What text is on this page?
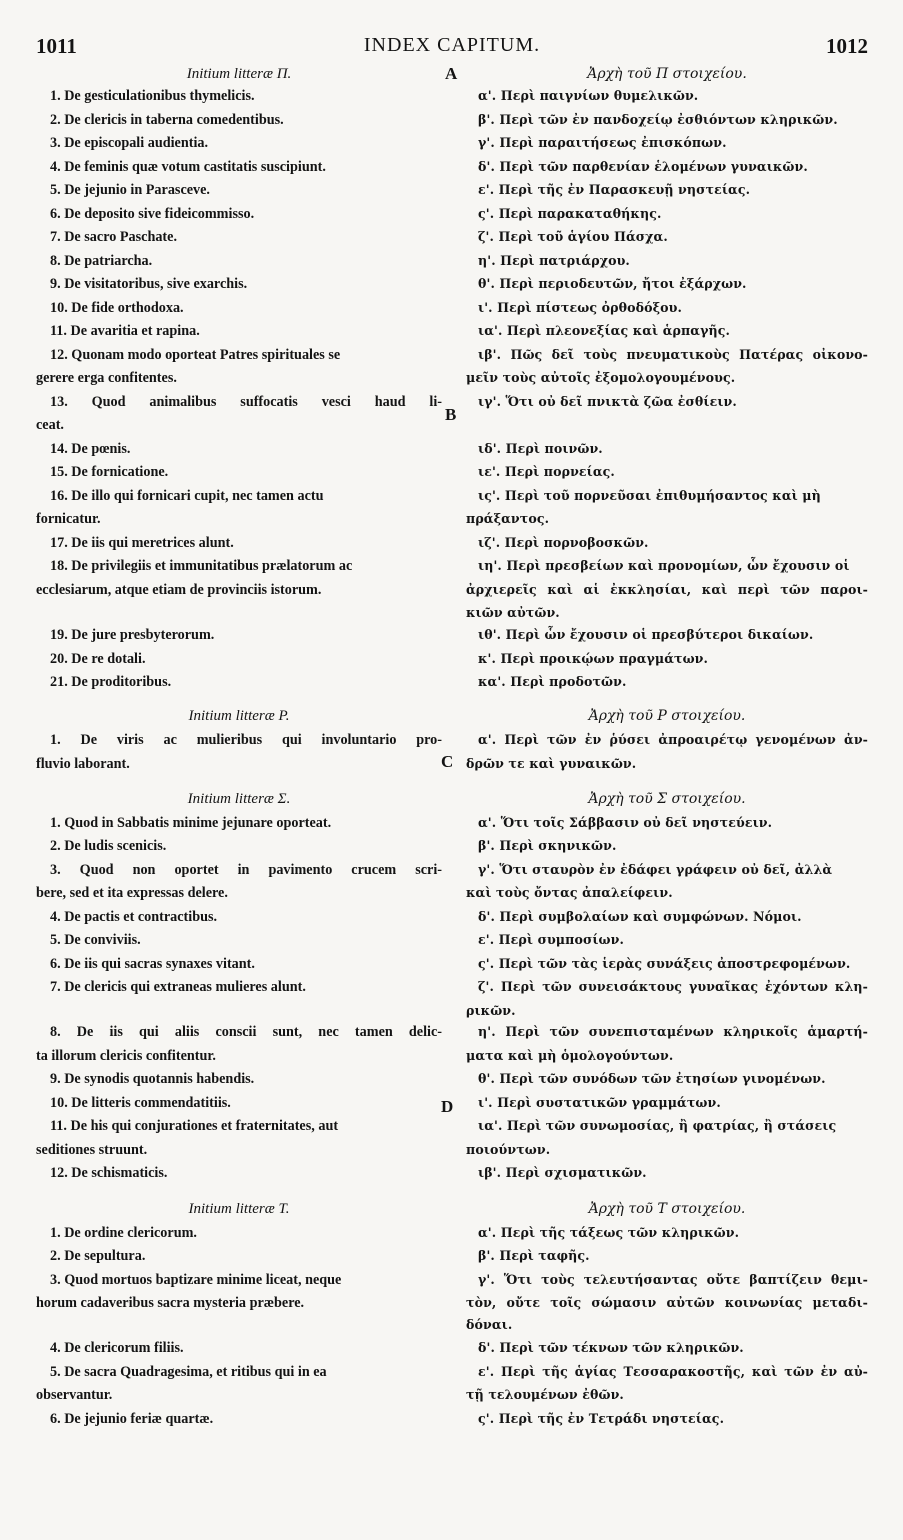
1011	INDEX CAPITUM.	1012
A
B
C
D
Initium litteræ Π.
1. De gesticulationibus thymelicis.
2. De clericis in taberna comedentibus.
3. De episcopali audientia.
4. De feminis quæ votum castitatis suscipiunt.
5. De jejunio in Parasceve.
6. De deposito sive fideicommisso.
7. De sacro Paschate.
8. De patriarcha.
9. De visitatoribus, sive exarchis.
10. De fide orthodoxa.
11. De avaritia et rapina.
12. Quonam modo oporteat Patres spirituales se
gerere erga confitentes.
13. Quod animalibus suffocatis vesci haud li-
ceat.
14. De pœnis.
15. De fornicatione.
16. De illo qui fornicari cupit, nec tamen actu
fornicatur.
17. De iis qui meretrices alunt.
18. De privilegiis et immunitatibus prælatorum ac
ecclesiarum, atque etiam de provinciis istorum.
19. De jure presbyterorum.
20. De re dotali.
21. De proditoribus.
Initium litteræ Ρ.
1. De viris ac mulieribus qui involuntario pro-
fluvio laborant.
Initium litteræ Σ.
1. Quod in Sabbatis minime jejunare oporteat.
2. De ludis scenicis.
3. Quod non oportet in pavimento crucem scri-
bere, sed et ita expressas delere.
4. De pactis et contractibus.
5. De conviviis.
6. De iis qui sacras synaxes vitant.
7. De clericis qui extraneas mulieres alunt.
8. De iis qui aliis conscii sunt, nec tamen delic-
ta illorum clericis confitentur.
9. De synodis quotannis habendis.
10. De litteris commendatitiis.
11. De his qui conjurationes et fraternitates, aut
seditiones struunt.
12. De schismaticis.
Initium litteræ Τ.
1. De ordine clericorum.
2. De sepultura.
3. Quod mortuos baptizare minime liceat, neque
horum cadaveribus sacra mysteria præbere.
4. De clericorum filiis.
5. De sacra Quadragesima, et ritibus qui in ea
observantur.
6. De jejunio feriæ quartæ.
Ἀρχὴ τοῦ Π στοιχείου.
α'. Περὶ παιγνίων θυμελικῶν.
β'. Περὶ τῶν ἐν πανδοχείῳ ἐσθιόντων κληρικῶν.
γ'. Περὶ παραιτήσεως ἐπισκόπων.
δ'. Περὶ τῶν παρθενίαν ἑλομένων γυναικῶν.
ε'. Περὶ τῆς ἐν Παρασκευῇ νηστείας.
ς'. Περὶ παρακαταθήκης.
ζ'. Περὶ τοῦ ἁγίου Πάσχα.
η'. Περὶ πατριάρχου.
θ'. Περὶ περιοδευτῶν, ἤτοι ἐξάρχων.
ι'. Περὶ πίστεως ὀρθοδόξου.
ια'. Περὶ πλεονεξίας καὶ ἁρπαγῆς.
ιβ'. Πῶς δεῖ τοὺς πνευματικοὺς Πατέρας οἰκονο-
μεῖν τοὺς αὐτοῖς ἐξομολογουμένους.
ιγ'. Ὅτι οὐ δεῖ πνικτὰ ζῶα ἐσθίειν.
ιδ'. Περὶ ποινῶν.
ιε'. Περὶ πορνείας.
ις'. Περὶ τοῦ πορνεῦσαι ἐπιθυμήσαντος καὶ μὴ
πράξαντος.
ιζ'. Περὶ πορνοβοσκῶν.
ιη'. Περὶ πρεσβείων καὶ προνομίων, ὧν ἔχουσιν οἱ
ἀρχιερεῖς καὶ αἱ ἐκκλησίαι, καὶ περὶ τῶν παροι-
κιῶν αὐτῶν.
ιθ'. Περὶ ὧν ἔχουσιν οἱ πρεσβύτεροι δικαίων.
κ'. Περὶ προικῴων πραγμάτων.
κα'. Περὶ προδοτῶν.
Ἀρχὴ τοῦ Ρ στοιχείου.
α'. Περὶ τῶν ἐν ῥύσει ἀπροαιρέτῳ γενομένων ἀν-
δρῶν τε καὶ γυναικῶν.
Ἀρχὴ τοῦ Σ στοιχείου.
α'. Ὅτι τοῖς Σάββασιν οὐ δεῖ νηστεύειν.
β'. Περὶ σκηνικῶν.
γ'. Ὅτι σταυρὸν ἐν ἐδάφει γράφειν οὐ δεῖ, ἀλλὰ
καὶ τοὺς ὄντας ἀπαλείφειν.
δ'. Περὶ συμβολαίων καὶ συμφώνων. Νόμοι.
ε'. Περὶ συμποσίων.
ς'. Περὶ τῶν τὰς ἱερὰς συνάξεις ἀποστρεφομένων.
ζ'. Περὶ τῶν συνεισάκτους γυναῖκας ἐχόντων κλη-
ρικῶν.
η'. Περὶ τῶν συνεπισταμένων κληρικοῖς ἁμαρτή-
ματα καὶ μὴ ὁμολογούντων.
θ'. Περὶ τῶν συνόδων τῶν ἐτησίων γινομένων.
ι'. Περὶ συστατικῶν γραμμάτων.
ια'. Περὶ τῶν συνωμοσίας, ἢ φατρίας, ἢ στάσεις
ποιούντων.
ιβ'. Περὶ σχισματικῶν.
Ἀρχὴ τοῦ Τ στοιχείου.
α'. Περὶ τῆς τάξεως τῶν κληρικῶν.
β'. Περὶ ταφῆς.
γ'. Ὅτι τοὺς τελευτήσαντας οὔτε βαπτίζειν θεμι-
τὸν, οὔτε τοῖς σώμασιν αὐτῶν κοινωνίας μεταδι-
δόναι.
δ'. Περὶ τῶν τέκνων τῶν κληρικῶν.
ε'. Περὶ τῆς ἁγίας Τεσσαρακοστῆς, καὶ τῶν ἐν αὐ-
τῇ τελουμένων ἐθῶν.
ς'. Περὶ τῆς ἐν Τετράδι νηστείας.
